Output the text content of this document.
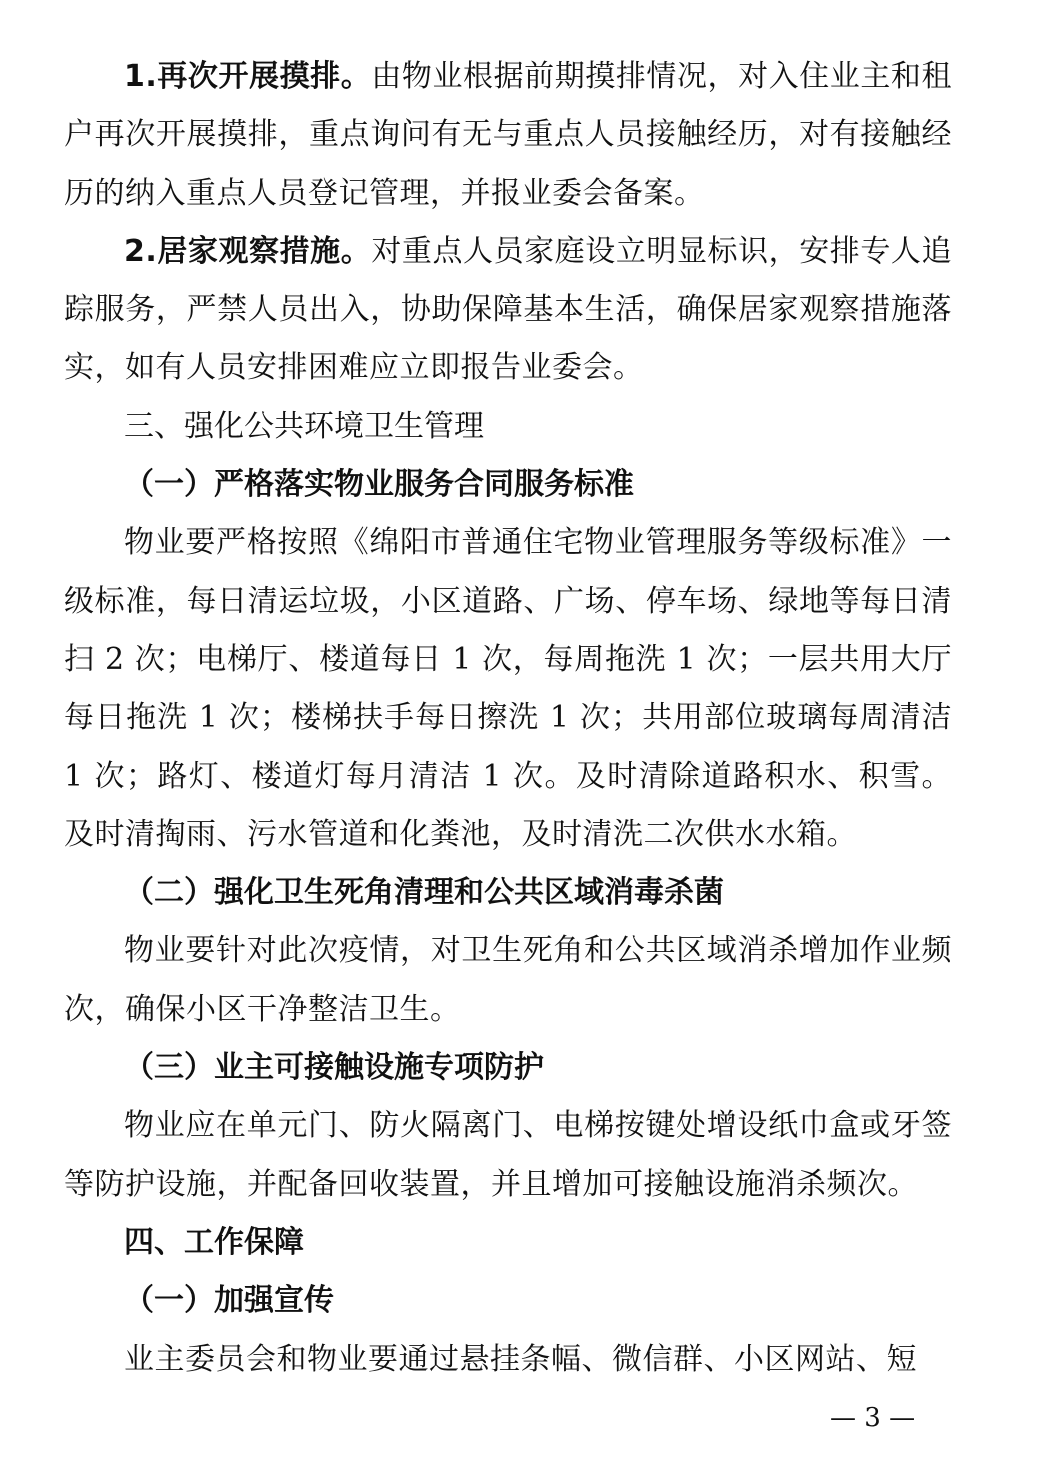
1.再次开展摸排。由物业根据前期摸排情况，对入住业主和租户再次开展摸排，重点询问有无与重点人员接触经历，对有接触经历的纳入重点人员登记管理，并报业委会备案。

2.居家观察措施。对重点人员家庭设立明显标识，安排专人追踪服务，严禁人员出入，协助保障基本生活，确保居家观察措施落实，如有人员安排困难应立即报告业委会。

三、强化公共环境卫生管理

（一）严格落实物业服务合同服务标准

物业要严格按照《绵阳市普通住宅物业管理服务等级标准》一级标准，每日清运垃圾，小区道路、广场、停车场、绿地等每日清扫 2 次；电梯厅、楼道每日 1 次，每周拖洗 1 次；一层共用大厅每日拖洗 1 次；楼梯扶手每日擦洗 1 次；共用部位玻璃每周清洁 1 次；路灯、楼道灯每月清洁 1 次。及时清除道路积水、积雪。及时清掏雨、污水管道和化粪池，及时清洗二次供水水箱。

（二）强化卫生死角清理和公共区域消毒杀菌

物业要针对此次疫情，对卫生死角和公共区域消杀增加作业频次，确保小区干净整洁卫生。

（三）业主可接触设施专项防护

物业应在单元门、防火隔离门、电梯按键处增设纸巾盒或牙签等防护设施，并配备回收装置，并且增加可接触设施消杀频次。

四、工作保障

（一）加强宣传

业主委员会和物业要通过悬挂条幅、微信群、小区网站、短

— 3 —
